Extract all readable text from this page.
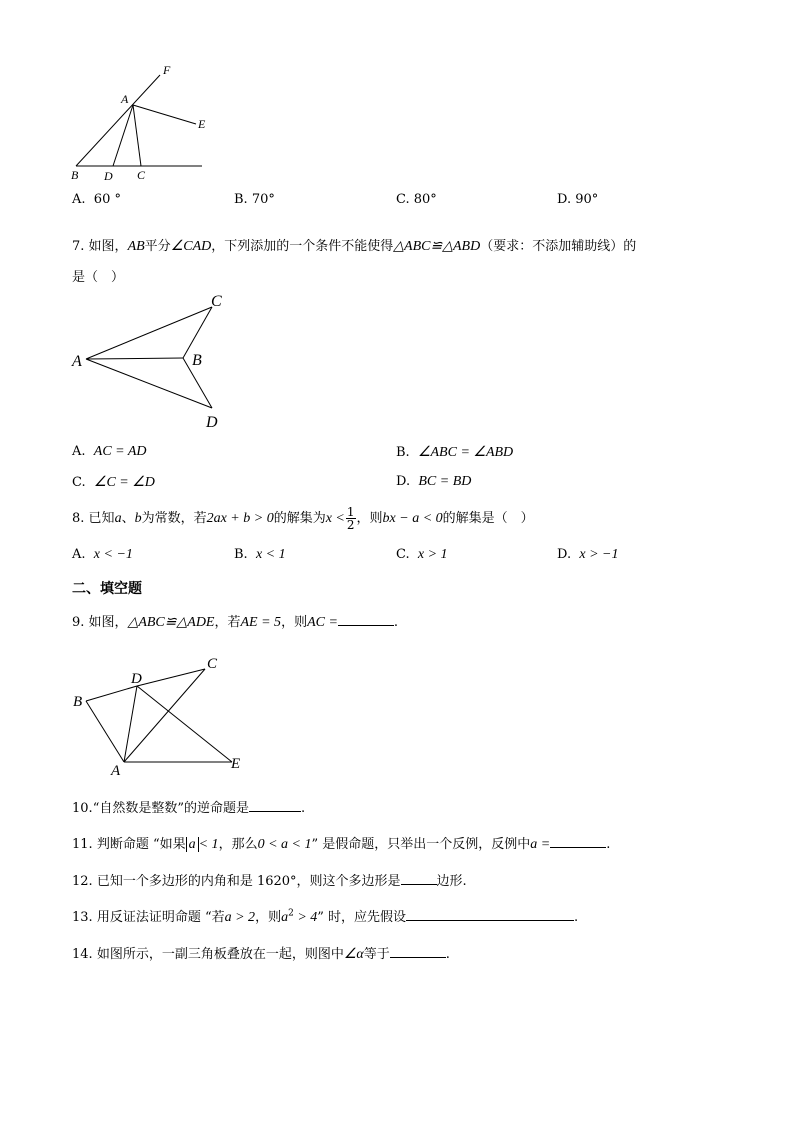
F
A
E
B D C
A. 60 °	B. 70°	C. 80°	D. 90°
7. 如图，AB平分∠CAD，下列添加的一个条件不能使得△ABC≌△ABD（要求：不添加辅助线）的
是（　）
C
A	B
D
A. AC = AD	B. ∠ABC = ∠ABD
C. ∠C = ∠D	D. BC = BD
8. 已知a、b为常数，若2ax + b > 0的解集为$x < \frac{1}{2}$ ，则bx − a < 0的解集是（　）
A. x < −1	B. x < 1	C. x > 1	D. x > −1
二、填空题
9. 如图，△ABC≌△ADE，若AE = 5，则AC =	.
C
D
B
A	E
10.“自然数是整数”的逆命题是	.
11. 判断命题 “如果 a < 1，那么0 < a < 1” 是假命题，只举出一个反例，反例中a =	.
12. 已知一个多边形的内角和是 1620°，则这个多边形是	边形.
13. 用反证法证明命题 “若a > 2，则$a^2 > 4$” 时，应先假设	.
14. 如图所示，一副三角板叠放在一起，则图中∠α等于	.
